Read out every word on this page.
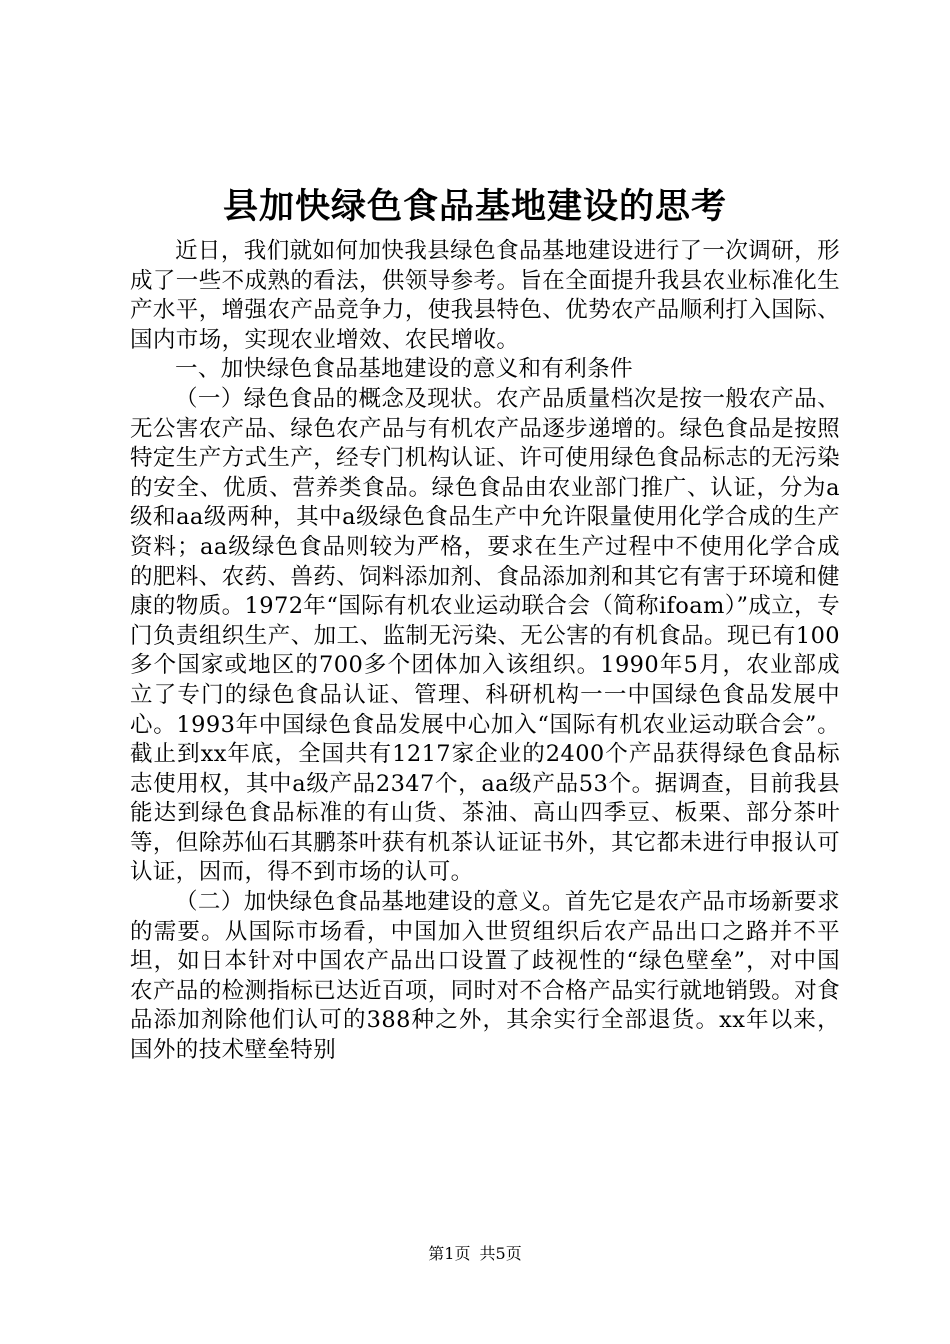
县加快绿色食品基地建设的思考

近日，我们就如何加快我县绿色食品基地建设进行了一次调研，形成了一些不成熟的看法，供领导参考。旨在全面提升我县农业标准化生产水平，增强农产品竞争力，使我县特色、优势农产品顺利打入国际、国内市场，实现农业增效、农民增收。

一、加快绿色食品基地建设的意义和有利条件

（一）绿色食品的概念及现状。农产品质量档次是按一般农产品、无公害农产品、绿色农产品与有机农产品逐步递增的。绿色食品是按照特定生产方式生产，经专门机构认证、许可使用绿色食品标志的无污染的安全、优质、营养类食品。绿色食品由农业部门推广、认证，分为a级和aa级两种，其中a级绿色食品生产中允许限量使用化学合成的生产资料；aa级绿色食品则较为严格，要求在生产过程中不使用化学合成的肥料、农药、兽药、饲料添加剂、食品添加剂和其它有害于环境和健康的物质。1972年“国际有机农业运动联合会（简称ifoam）”成立，专门负责组织生产、加工、监制无污染、无公害的有机食品。现已有100多个国家或地区的700多个团体加入该组织。1990年5月，农业部成立了专门的绿色食品认证、管理、科研机构一一中国绿色食品发展中心。1993年中国绿色食品发展中心加入“国际有机农业运动联合会”。截止到xx年底，全国共有1217家企业的2400个产品获得绿色食品标志使用权，其中a级产品2347个，aa级产品53个。据调查，目前我县能达到绿色食品标准的有山货、茶油、高山四季豆、板栗、部分茶叶等，但除苏仙石其鹏茶叶获有机茶认证证书外，其它都未进行申报认可认证，因而，得不到市场的认可。

（二）加快绿色食品基地建设的意义。首先它是农产品市场新要求的需要。从国际市场看，中国加入世贸组织后农产品出口之路并不平坦，如日本针对中国农产品出口设置了歧视性的“绿色壁垒”，对中国农产品的检测指标已达近百项，同时对不合格产品实行就地销毁。对食品添加剂除他们认可的388种之外，其余实行全部退货。xx年以来，国外的技术壁垒特别

第1页 共5页
